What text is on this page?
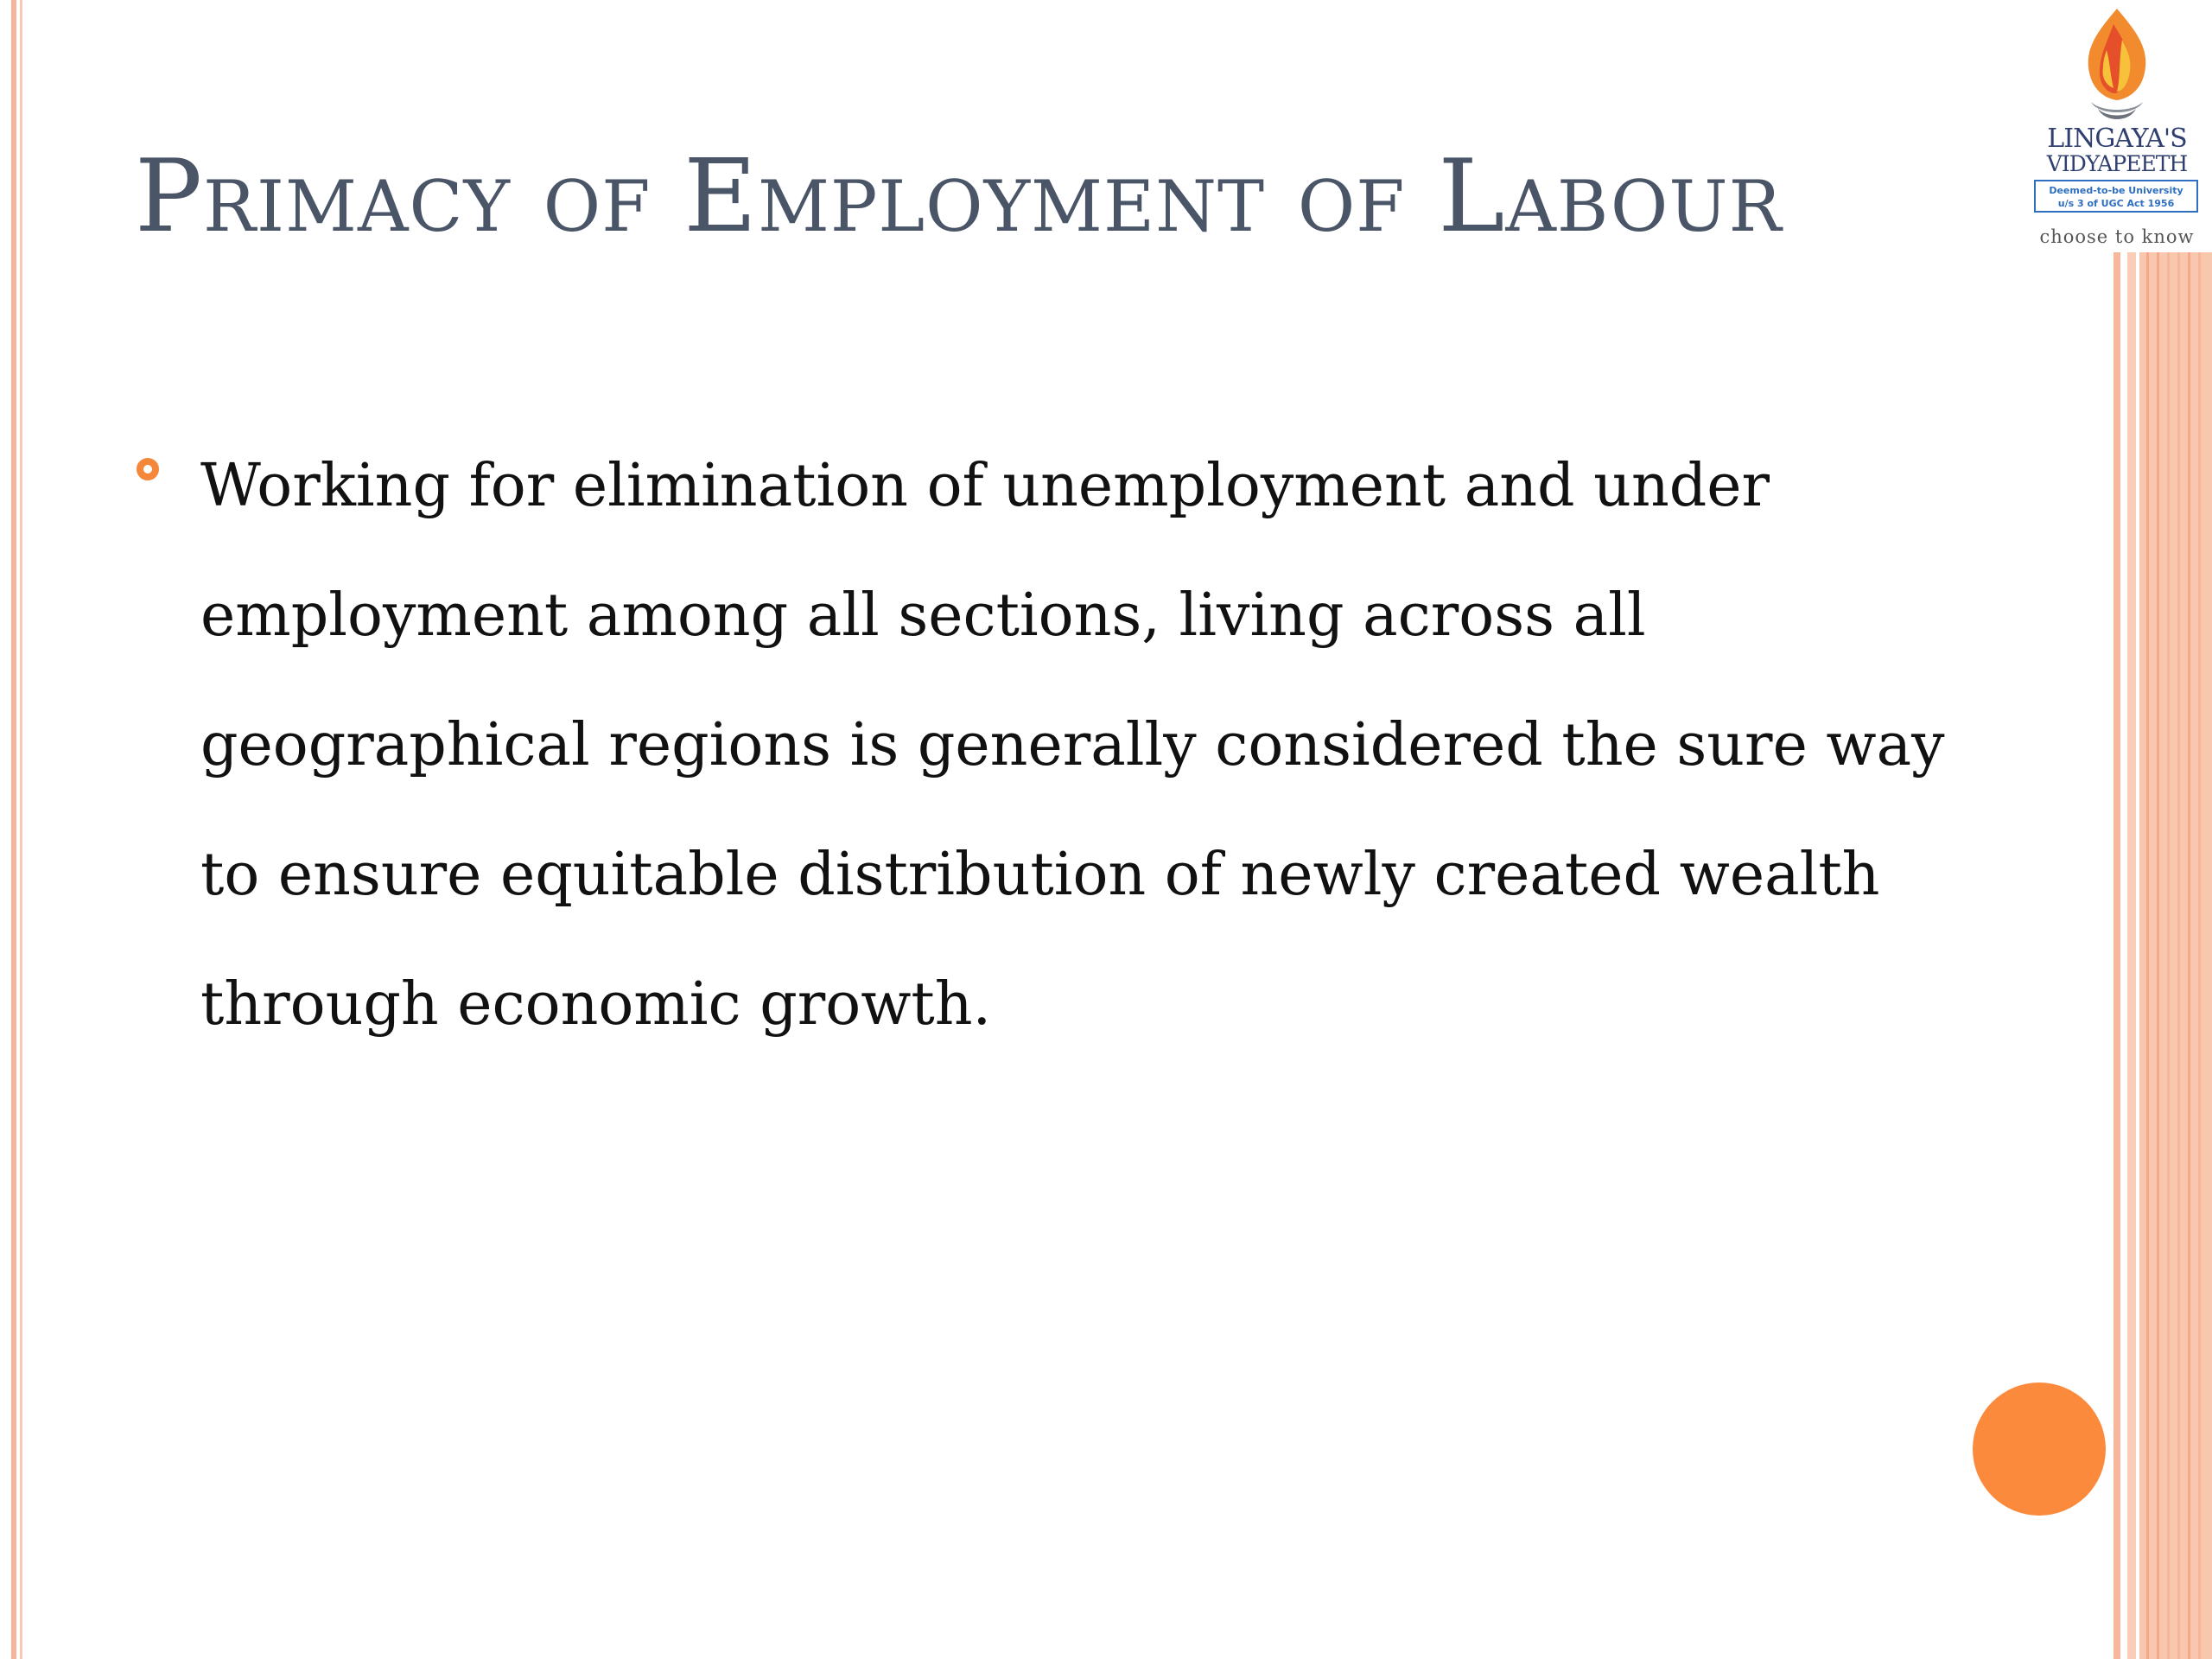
Primacy of Employment of Labour
Working for elimination of unemployment and under employment among all sections, living across all geographical regions is generally considered the sure way to ensure equitable distribution of newly created wealth through economic growth.
LINGAYA'S
VIDYAPEETH
Deemed-to-be University
u/s 3 of UGC Act 1956
choose to know
